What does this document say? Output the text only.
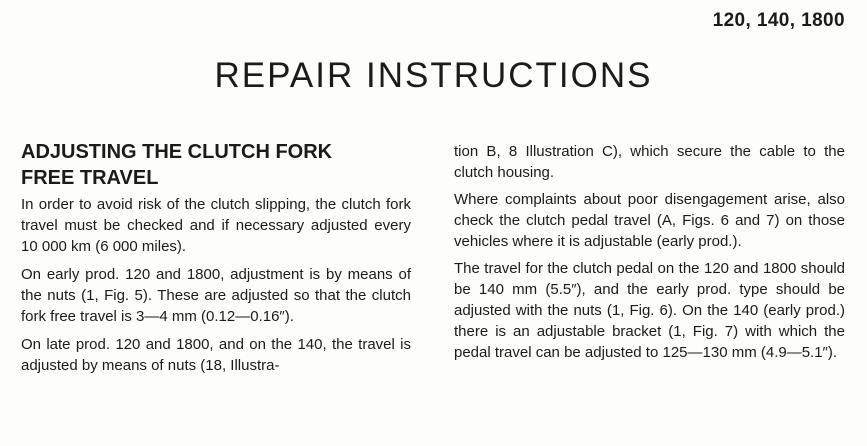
120, 140, 1800
REPAIR INSTRUCTIONS
ADJUSTING THE CLUTCH FORK
FREE TRAVEL

In order to avoid risk of the clutch slipping, the clutch fork travel must be checked and if necessary adjusted every 10 000 km (6 000 miles).

On early prod. 120 and 1800, adjustment is by means of the nuts (1, Fig. 5). These are adjusted so that the clutch fork free travel is 3—4 mm (0.12—0.16″).

On late prod. 120 and 1800, and on the 140, the travel is adjusted by means of nuts (18, Illustra-

tion B, 8 Illustration C), which secure the cable to the clutch housing.

Where complaints about poor disengagement arise, also check the clutch pedal travel (A, Figs. 6 and 7) on those vehicles where it is adjustable (early prod.).

The travel for the clutch pedal on the 120 and 1800 should be 140 mm (5.5″), and the early prod. type should be adjusted with the nuts (1, Fig. 6). On the 140 (early prod.) there is an adjustable bracket (1, Fig. 7) with which the pedal travel can be adjusted to 125—130 mm (4.9—5.1″).
